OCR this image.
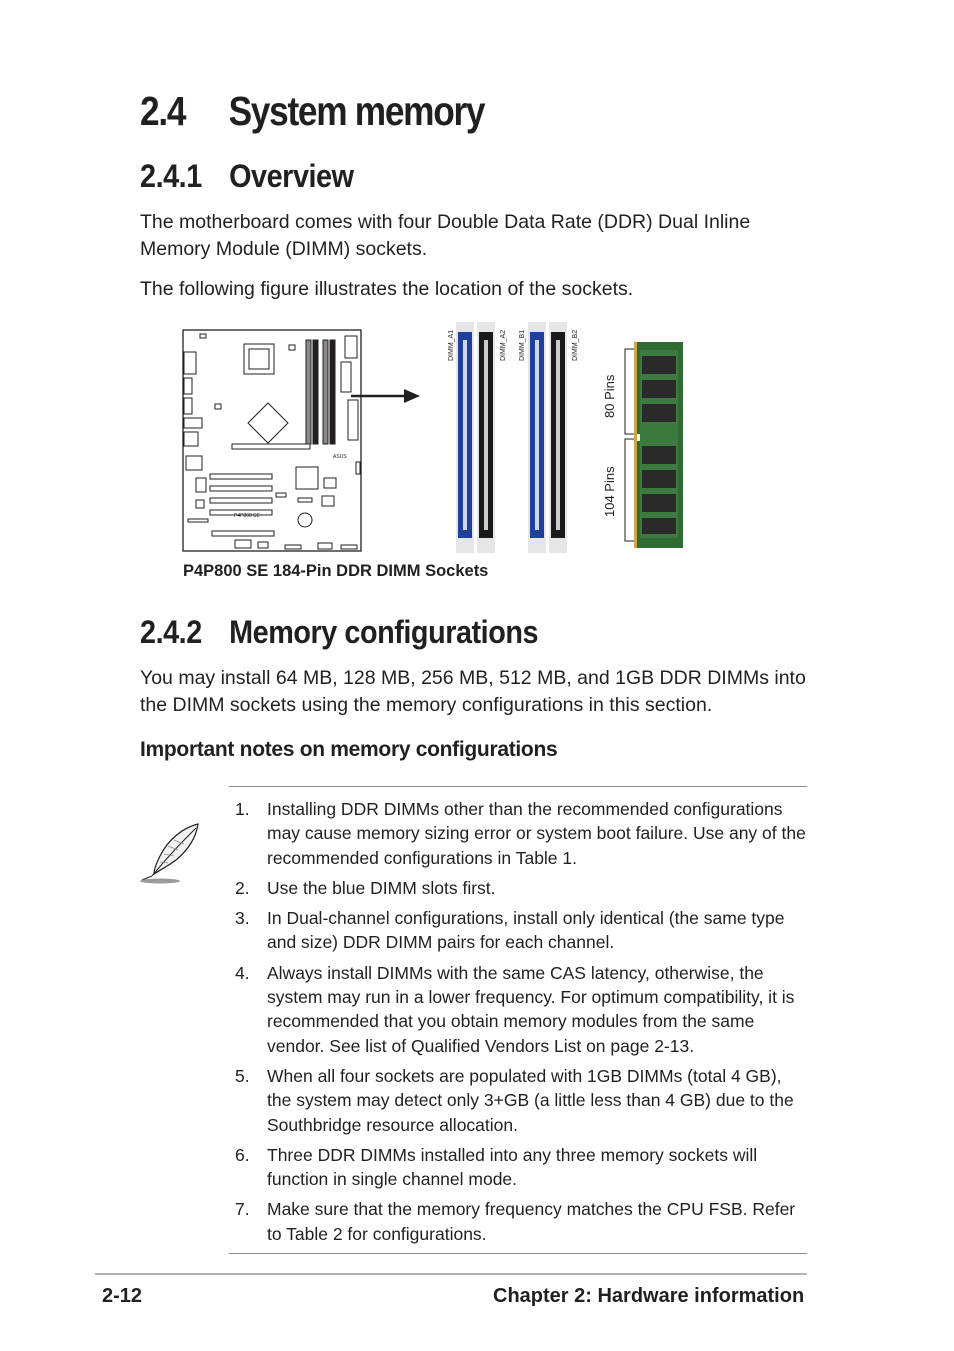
2.4 System memory
2.4.1 Overview
The motherboard comes with four Double Data Rate (DDR) Dual Inline Memory Module (DIMM) sockets.
The following figure illustrates the location of the sockets.
P4P800 SE
ASUS
DIMM_A1	DIMM_A2 DIMM_B1	DIMM_B2
80 Pins
104 Pins
P4P800 SE 184-Pin DDR DIMM Sockets
2.4.2 Memory configurations
You may install 64 MB, 128 MB, 256 MB, 512 MB, and 1GB DDR DIMMs into the DIMM sockets using the memory configurations in this section.
Important notes on memory configurations
1. Installing DDR DIMMs other than the recommended configurations may cause memory sizing error or system boot failure. Use any of the recommended configurations in Table 1.
2. Use the blue DIMM slots first.
3. In Dual-channel configurations, install only identical (the same type and size) DDR DIMM pairs for each channel.
4. Always install DIMMs with the same CAS latency, otherwise, the system may run in a lower frequency. For optimum compatibility, it is recommended that you obtain memory modules from the same vendor. See list of Qualified Vendors List on page 2-13.
5. When all four sockets are populated with 1GB DIMMs (total 4 GB), the system may detect only 3+GB (a little less than 4 GB) due to the Southbridge resource allocation.
6. Three DDR DIMMs installed into any three memory sockets will function in single channel mode.
7. Make sure that the memory frequency matches the CPU FSB. Refer to Table 2 for configurations.
2-12	Chapter 2: Hardware information
